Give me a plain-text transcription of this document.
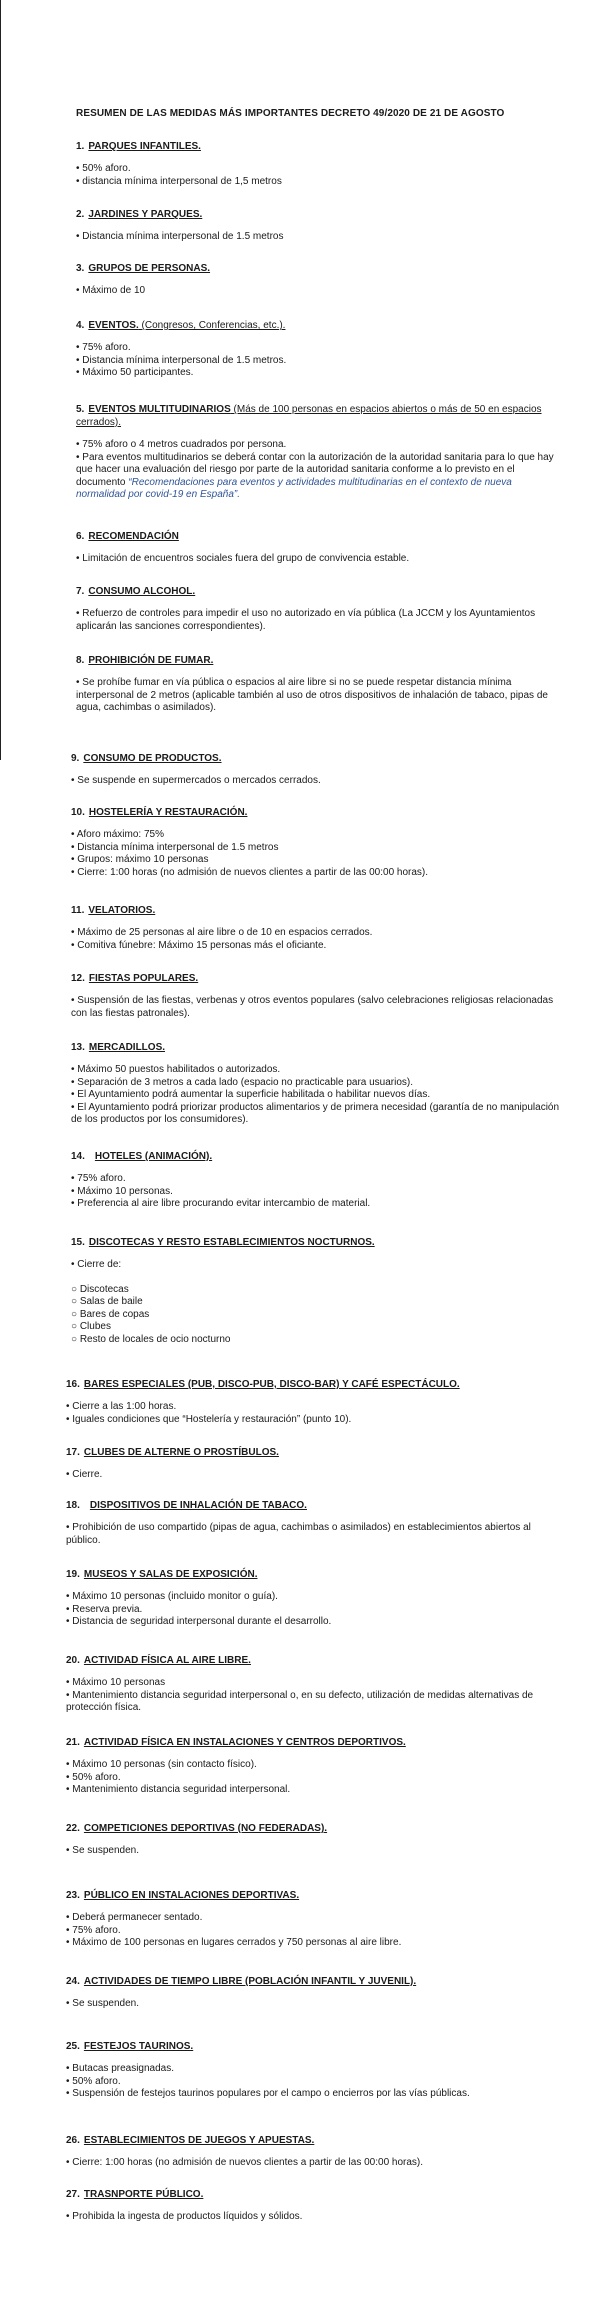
RESUMEN DE LAS MEDIDAS MÁS IMPORTANTES DECRETO 49/2020 DE 21 DE AGOSTO

1. PARQUES INFANTILES.

• 50% aforo.

• distancia mínima interpersonal de 1,5 metros

2. JARDINES Y PARQUES.

• Distancia mínima interpersonal de 1.5 metros

3. GRUPOS DE PERSONAS.

• Máximo de 10

4. EVENTOS. (Congresos, Conferencias, etc.).

• 75% aforo.

• Distancia mínima interpersonal de 1.5 metros.

• Máximo 50 participantes.

5. EVENTOS MULTITUDINARIOS (Más de 100 personas en espacios abiertos o más de 50 en espacios cerrados).

• 75% aforo o 4 metros cuadrados por persona.

• Para eventos multitudinarios se deberá contar con la autorización de la autoridad sanitaria para lo que hay que hacer una evaluación del riesgo por parte de la autoridad sanitaria conforme a lo previsto en el documento “Recomendaciones para eventos y actividades multitudinarias en el contexto de nueva normalidad por covid-19 en España”.

6. RECOMENDACIÓN

• Limitación de encuentros sociales fuera del grupo de convivencia estable.

7. CONSUMO ALCOHOL.

• Refuerzo de controles para impedir el uso no autorizado en vía pública (La JCCM y los Ayuntamientos aplicarán las sanciones correspondientes).

8. PROHIBICIÓN DE FUMAR.

• Se prohíbe fumar en vía pública o espacios al aire libre si no se puede respetar distancia mínima interpersonal de 2 metros (aplicable también al uso de otros dispositivos de inhalación de tabaco, pipas de agua, cachimbas o asimilados).

9. CONSUMO DE PRODUCTOS.

• Se suspende en supermercados o mercados cerrados.

10. HOSTELERÍA Y RESTAURACIÓN.

• Aforo máximo: 75%

• Distancia mínima interpersonal de 1.5 metros

• Grupos: máximo 10 personas

• Cierre: 1:00 horas (no admisión de nuevos clientes a partir de las 00:00 horas).

11. VELATORIOS.

• Máximo de 25 personas al aire libre o de 10 en espacios cerrados.

• Comitiva fúnebre: Máximo 15 personas más el oficiante.

12. FIESTAS POPULARES.

• Suspensión de las fiestas, verbenas y otros eventos populares (salvo celebraciones religiosas relacionadas con las fiestas patronales).

13. MERCADILLOS.

• Máximo 50 puestos habilitados o autorizados.

• Separación de 3 metros a cada lado (espacio no practicable para usuarios).

• El Ayuntamiento podrá aumentar la superficie habilitada o habilitar nuevos días.

• El Ayuntamiento podrá priorizar productos alimentarios y de primera necesidad (garantía de no manipulación de los productos por los consumidores).

14. HOTELES (ANIMACIÓN).

• 75% aforo.

• Máximo 10 personas.

• Preferencia al aire libre procurando evitar intercambio de material.

15. DISCOTECAS Y RESTO ESTABLECIMIENTOS NOCTURNOS.

• Cierre de:

○ Discotecas

○ Salas de baile

○ Bares de copas

○ Clubes

○ Resto de locales de ocio nocturno

16. BARES ESPECIALES (PUB, DISCO-PUB, DISCO-BAR) Y CAFÉ ESPECTÁCULO.

• Cierre a las 1:00 horas.

• Iguales condiciones que “Hostelería y restauración” (punto 10).

17. CLUBES DE ALTERNE O PROSTÍBULOS.

• Cierre.

18. DISPOSITIVOS DE INHALACIÓN DE TABACO.

• Prohibición de uso compartido (pipas de agua, cachimbas o asimilados) en establecimientos abiertos al público.

19. MUSEOS Y SALAS DE EXPOSICIÓN.

• Máximo 10 personas (incluido monitor o guía).

• Reserva previa.

• Distancia de seguridad interpersonal durante el desarrollo.

20. ACTIVIDAD FÍSICA AL AIRE LIBRE.

• Máximo 10 personas

• Mantenimiento distancia seguridad interpersonal o, en su defecto, utilización de medidas alternativas de protección física.

21. ACTIVIDAD FÍSICA EN INSTALACIONES Y CENTROS DEPORTIVOS.

• Máximo 10 personas (sin contacto físico).

• 50% aforo.

• Mantenimiento distancia seguridad interpersonal.

22. COMPETICIONES DEPORTIVAS (NO FEDERADAS).

• Se suspenden.

23. PÚBLICO EN INSTALACIONES DEPORTIVAS.

• Deberá permanecer sentado.

• 75% aforo.

• Máximo de 100 personas en lugares cerrados y 750 personas al aire libre.

24. ACTIVIDADES DE TIEMPO LIBRE (POBLACIÓN INFANTIL Y JUVENIL).

• Se suspenden.

25. FESTEJOS TAURINOS.

• Butacas preasignadas.

• 50% aforo.

• Suspensión de festejos taurinos populares por el campo o encierros por las vías públicas.

26. ESTABLECIMIENTOS DE JUEGOS Y APUESTAS.

• Cierre: 1:00 horas (no admisión de nuevos clientes a partir de las 00:00 horas).

27. TRASNPORTE PÚBLICO.

• Prohibida la ingesta de productos líquidos y sólidos.
